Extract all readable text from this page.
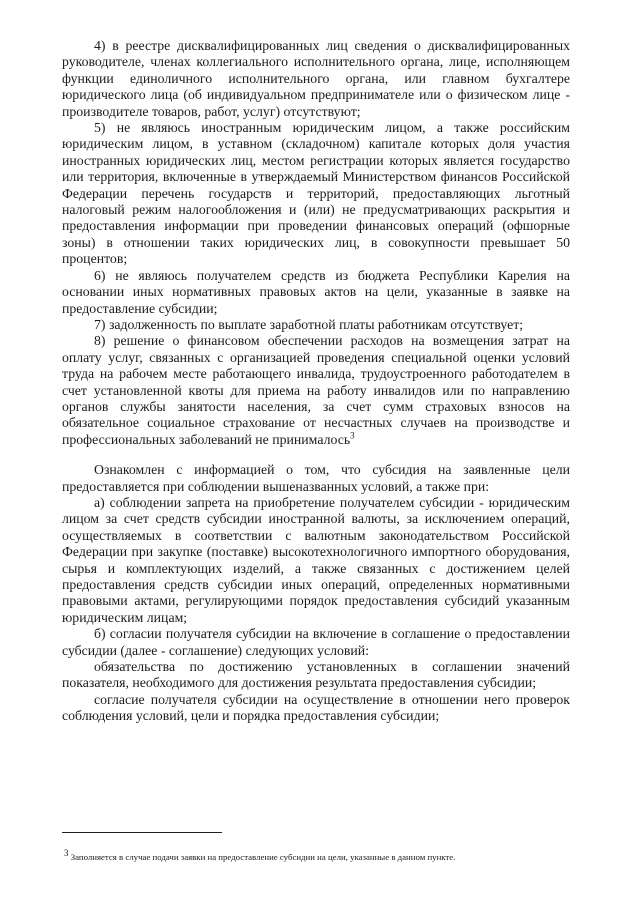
4) в реестре дисквалифицированных лиц сведения о дисквалифицированных руководителе, членах коллегиального исполнительного органа, лице, исполняющем функции единоличного исполнительного органа, или главном бухгалтере юридического лица (об индивидуальном предпринимателе или о физическом лице - производителе товаров, работ, услуг) отсутствуют;

5) не являюсь иностранным юридическим лицом, а также российским юридическим лицом, в уставном (складочном) капитале которых доля участия иностранных юридических лиц, местом регистрации которых является государство или территория, включенные в утверждаемый Министерством финансов Российской Федерации перечень государств и территорий, предоставляющих льготный налоговый режим налогообложения и (или) не предусматривающих раскрытия и предоставления информации при проведении финансовых операций (офшорные зоны) в отношении таких юридических лиц, в совокупности превышает 50 процентов;

6) не являюсь получателем средств из бюджета Республики Карелия на основании иных нормативных правовых актов на цели, указанные в заявке на предоставление субсидии;

7) задолженность по выплате заработной платы работникам отсутствует;

8) решение о финансовом обеспечении расходов на возмещения затрат на оплату услуг, связанных с организацией проведения специальной оценки условий труда на рабочем месте работающего инвалида, трудоустроенного работодателем в счет установленной квоты для приема на работу инвалидов или по направлению органов службы занятости населения, за счет сумм страховых взносов на обязательное социальное страхование от несчастных случаев на производстве и профессиональных заболеваний не принималось$^3$

Ознакомлен с информацией о том, что субсидия на заявленные цели предоставляется при соблюдении вышеназванных условий, а также при:

а) соблюдении запрета на приобретение получателем субсидии - юридическим лицом за счет средств субсидии иностранной валюты, за исключением операций, осуществляемых в соответствии с валютным законодательством Российской Федерации при закупке (поставке) высокотехнологичного импортного оборудования, сырья и комплектующих изделий, а также связанных с достижением целей предоставления средств субсидии иных операций, определенных нормативными правовыми актами, регулирующими порядок предоставления субсидий указанным юридическим лицам;

б) согласии получателя субсидии на включение в соглашение о предоставлении субсидии (далее - соглашение) следующих условий:

обязательства по достижению установленных в соглашении значений показателя, необходимого для достижения результата предоставления субсидии;

согласие получателя субсидии на осуществление в отношении него проверок соблюдения условий, цели и порядка предоставления субсидии;

$^3$ Заполняется в случае подачи заявки на предоставление субсидии на цели, указанные в данном пункте.
